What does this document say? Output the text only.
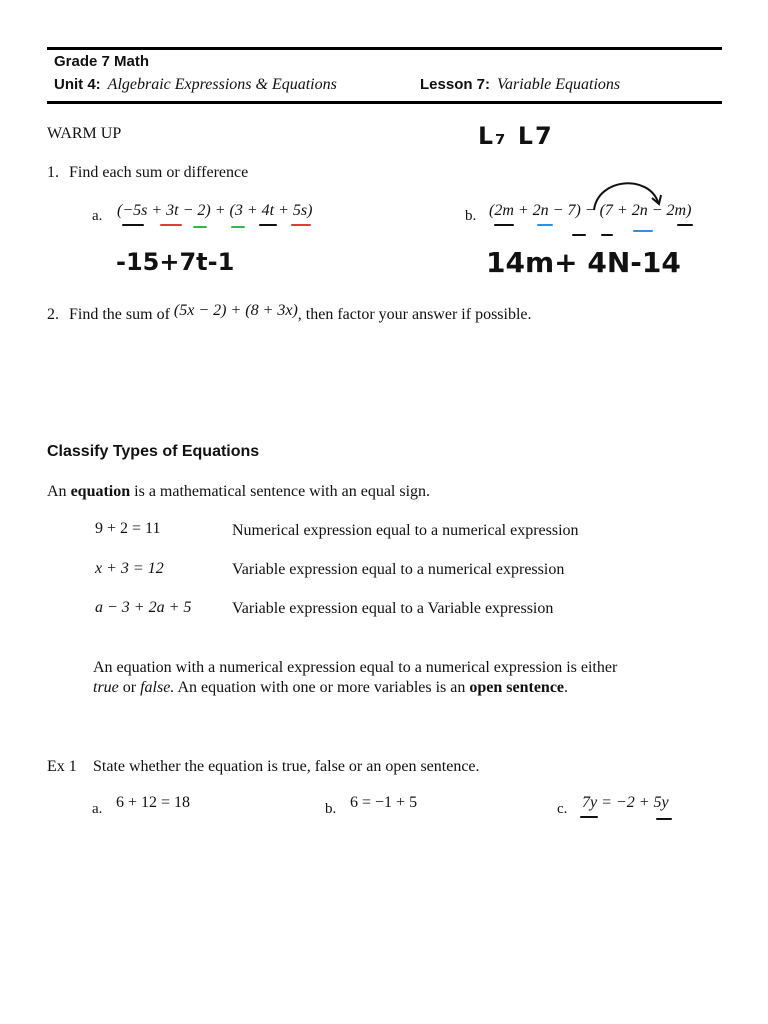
Grade 7 Math
Unit 4: Algebraic Expressions & Equations	Lesson 7: Variable Equations
WARM UP	ᒪ₇ ᒪ7
1. Find each sum or difference
a. (−5s + 3t − 2) + (3 + 4t + 5s)
-15+7t-1
b. (2m + 2n − 7) − (7 + 2n − 2m)
14m+ 4N-14
2. Find the sum of (5x − 2) + (8 + 3x), then factor your answer if possible.
Classify Types of Equations
An equation is a mathematical sentence with an equal sign.
9 + 2 = 11	Numerical expression equal to a numerical expression
x + 3 = 12	Variable expression equal to a numerical expression
a − 3 + 2a + 5	Variable expression equal to a Variable expression
An equation with a numerical expression equal to a numerical expression is either
true or false. An equation with one or more variables is an open sentence.
Ex 1 State whether the equation is true, false or an open sentence.
a. 6 + 12 = 18	b. 6 = −1 + 5	c. 7y = −2 + 5y
